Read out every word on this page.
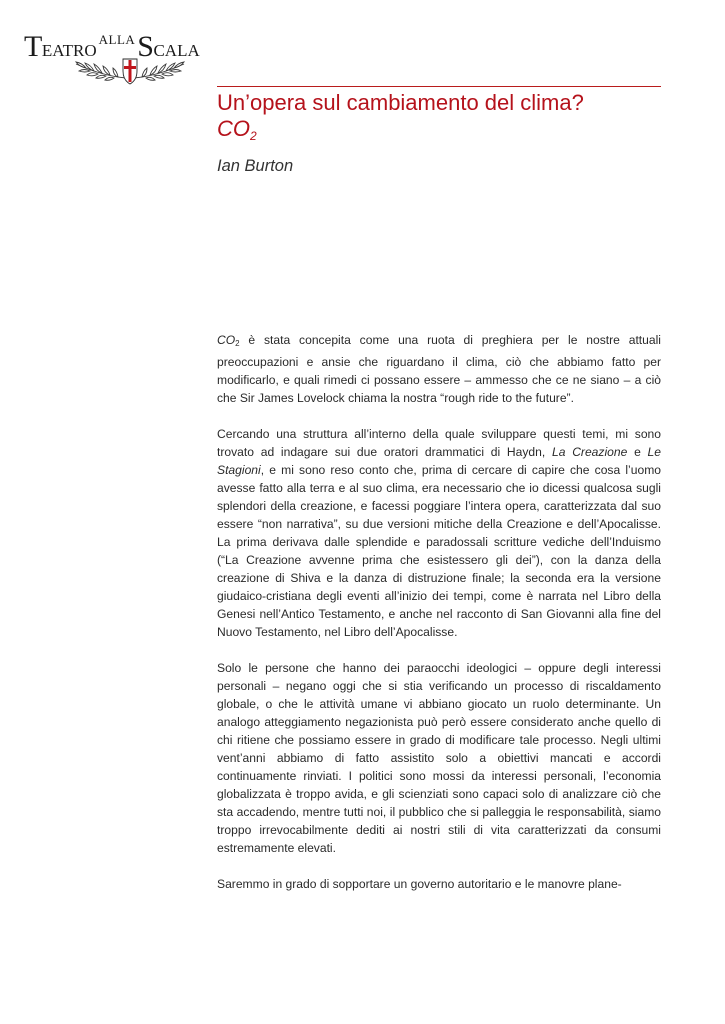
$TEATRO^{ALLA}SCALA$
Un’opera sul cambiamento del clima?
$CO_2$

Ian Burton

$CO_2$ è stata concepita come una ruota di preghiera per le nostre attuali preoccupazioni e ansie che riguardano il clima, ciò che abbiamo fatto per modificarlo, e quali rimedi ci possano essere – ammesso che ce ne siano – a ciò che Sir James Lovelock chiama la nostra “rough ride to the future”.

Cercando una struttura all’interno della quale sviluppare questi temi, mi sono trovato ad indagare sui due oratori drammatici di Haydn, La Creazione e Le Stagioni, e mi sono reso conto che, prima di cercare di capire che cosa l’uomo avesse fatto alla terra e al suo clima, era necessario che io dicessi qualcosa sugli splendori della creazione, e facessi poggiare l’intera opera, caratterizzata dal suo essere “non narrativa”, su due versioni mitiche della Creazione e dell’Apocalisse. La prima derivava dalle splendide e paradossali scritture vediche dell’Induismo (“La Creazione avvenne prima che esistessero gli dei”), con la danza della creazione di Shiva e la danza di distruzione finale; la seconda era la versione giudaico-cristiana degli eventi all’inizio dei tempi, come è narrata nel Libro della Genesi nell’Antico Testamento, e anche nel racconto di San Giovanni alla fine del Nuovo Testamento, nel Libro dell’Apocalisse.

Solo le persone che hanno dei paraocchi ideologici – oppure degli interessi personali – negano oggi che si stia verificando un processo di riscaldamento globale, o che le attività umane vi abbiano giocato un ruolo determinante. Un analogo atteggiamento negazionista può però essere considerato anche quello di chi ritiene che possiamo essere in grado di modificare tale processo. Negli ultimi vent’anni abbiamo di fatto assistito solo a obiettivi mancati e accordi continuamente rinviati. I politici sono mossi da interessi personali, l’economia globalizzata è troppo avida, e gli scienziati sono capaci solo di analizzare ciò che sta accadendo, mentre tutti noi, il pubblico che si palleggia le responsabilità, siamo troppo irrevocabilmente dediti ai nostri stili di vita caratterizzati da consumi estremamente elevati.

Saremmo in grado di sopportare un governo autoritario e le manovre plane-
